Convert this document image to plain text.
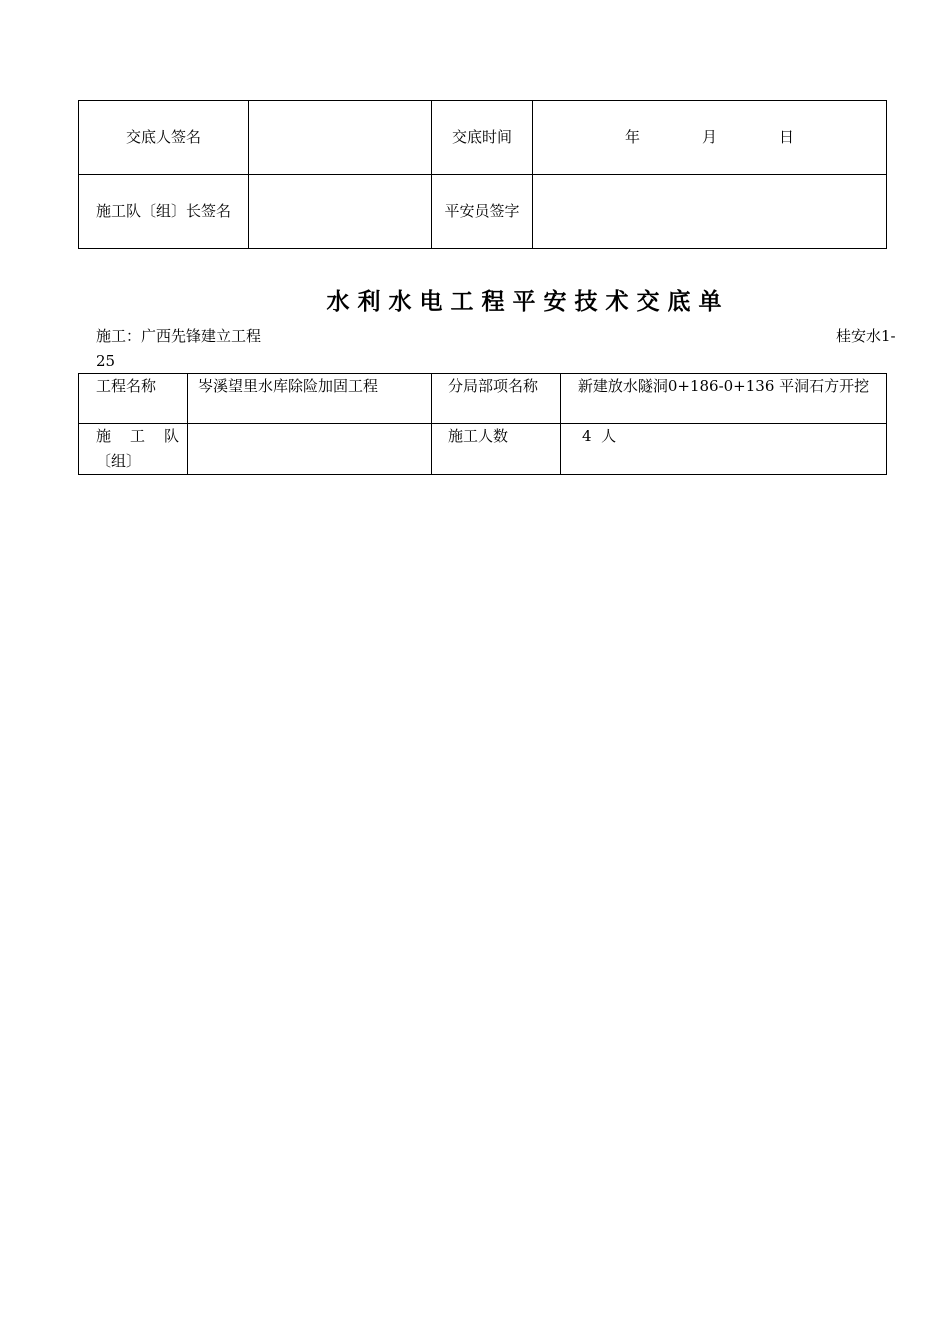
交底人签名		交底时间	年 月 日
施工队〔组〕长签名		平安员签字	
水利水电工程平安技术交底单
施工：广西先锋建立工程	桂安水1-
25
工程名称	岑溪望里水库除险加固工程	分局部项名称	新建放水隧洞0+186-0+136 平洞石方开挖

施 工 队
〔组〕		施工人数	4  人
